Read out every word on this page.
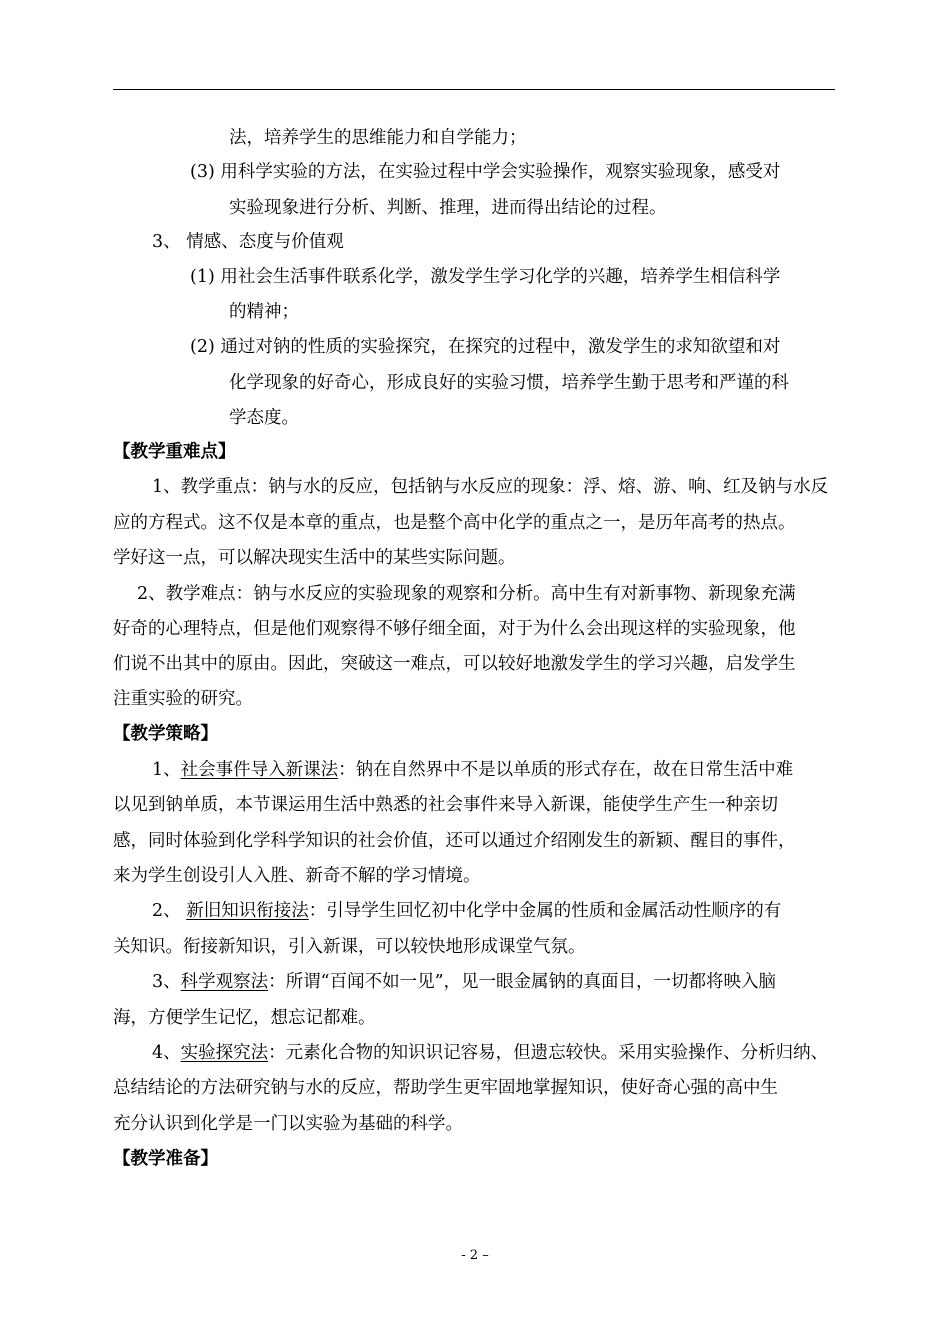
法，培养学生的思维能力和自学能力；
(3) 用科学实验的方法，在实验过程中学会实验操作，观察实验现象，感受对
实验现象进行分析、判断、推理，进而得出结论的过程。
3、 情感、态度与价值观
(1) 用社会生活事件联系化学，激发学生学习化学的兴趣，培养学生相信科学
的精神；
(2) 通过对钠的性质的实验探究，在探究的过程中，激发学生的求知欲望和对
化学现象的好奇心，形成良好的实验习惯，培养学生勤于思考和严谨的科
学态度。
【教学重难点】
1、教学重点：钠与水的反应，包括钠与水反应的现象：浮、熔、游、响、红及钠与水反
应的方程式。这不仅是本章的重点，也是整个高中化学的重点之一，是历年高考的热点。
学好这一点，可以解决现实生活中的某些实际问题。
2、教学难点：钠与水反应的实验现象的观察和分析。高中生有对新事物、新现象充满
好奇的心理特点，但是他们观察得不够仔细全面，对于为什么会出现这样的实验现象，他
们说不出其中的原由。因此，突破这一难点，可以较好地激发学生的学习兴趣，启发学生
注重实验的研究。
【教学策略】
1、社会事件导入新课法：钠在自然界中不是以单质的形式存在，故在日常生活中难
以见到钠单质，本节课运用生活中熟悉的社会事件来导入新课，能使学生产生一种亲切
感，同时体验到化学科学知识的社会价值，还可以通过介绍刚发生的新颖、醒目的事件，
来为学生创设引人入胜、新奇不解的学习情境。
2、 新旧知识衔接法：引导学生回忆初中化学中金属的性质和金属活动性顺序的有
关知识。衔接新知识，引入新课，可以较快地形成课堂气氛。
3、科学观察法：所谓“百闻不如一见”，见一眼金属钠的真面目，一切都将映入脑
海，方便学生记忆，想忘记都难。
4、实验探究法：元素化合物的知识识记容易，但遗忘较快。采用实验操作、分析归纳、
总结结论的方法研究钠与水的反应，帮助学生更牢固地掌握知识，使好奇心强的高中生
充分认识到化学是一门以实验为基础的科学。
【教学准备】
- 2 –
